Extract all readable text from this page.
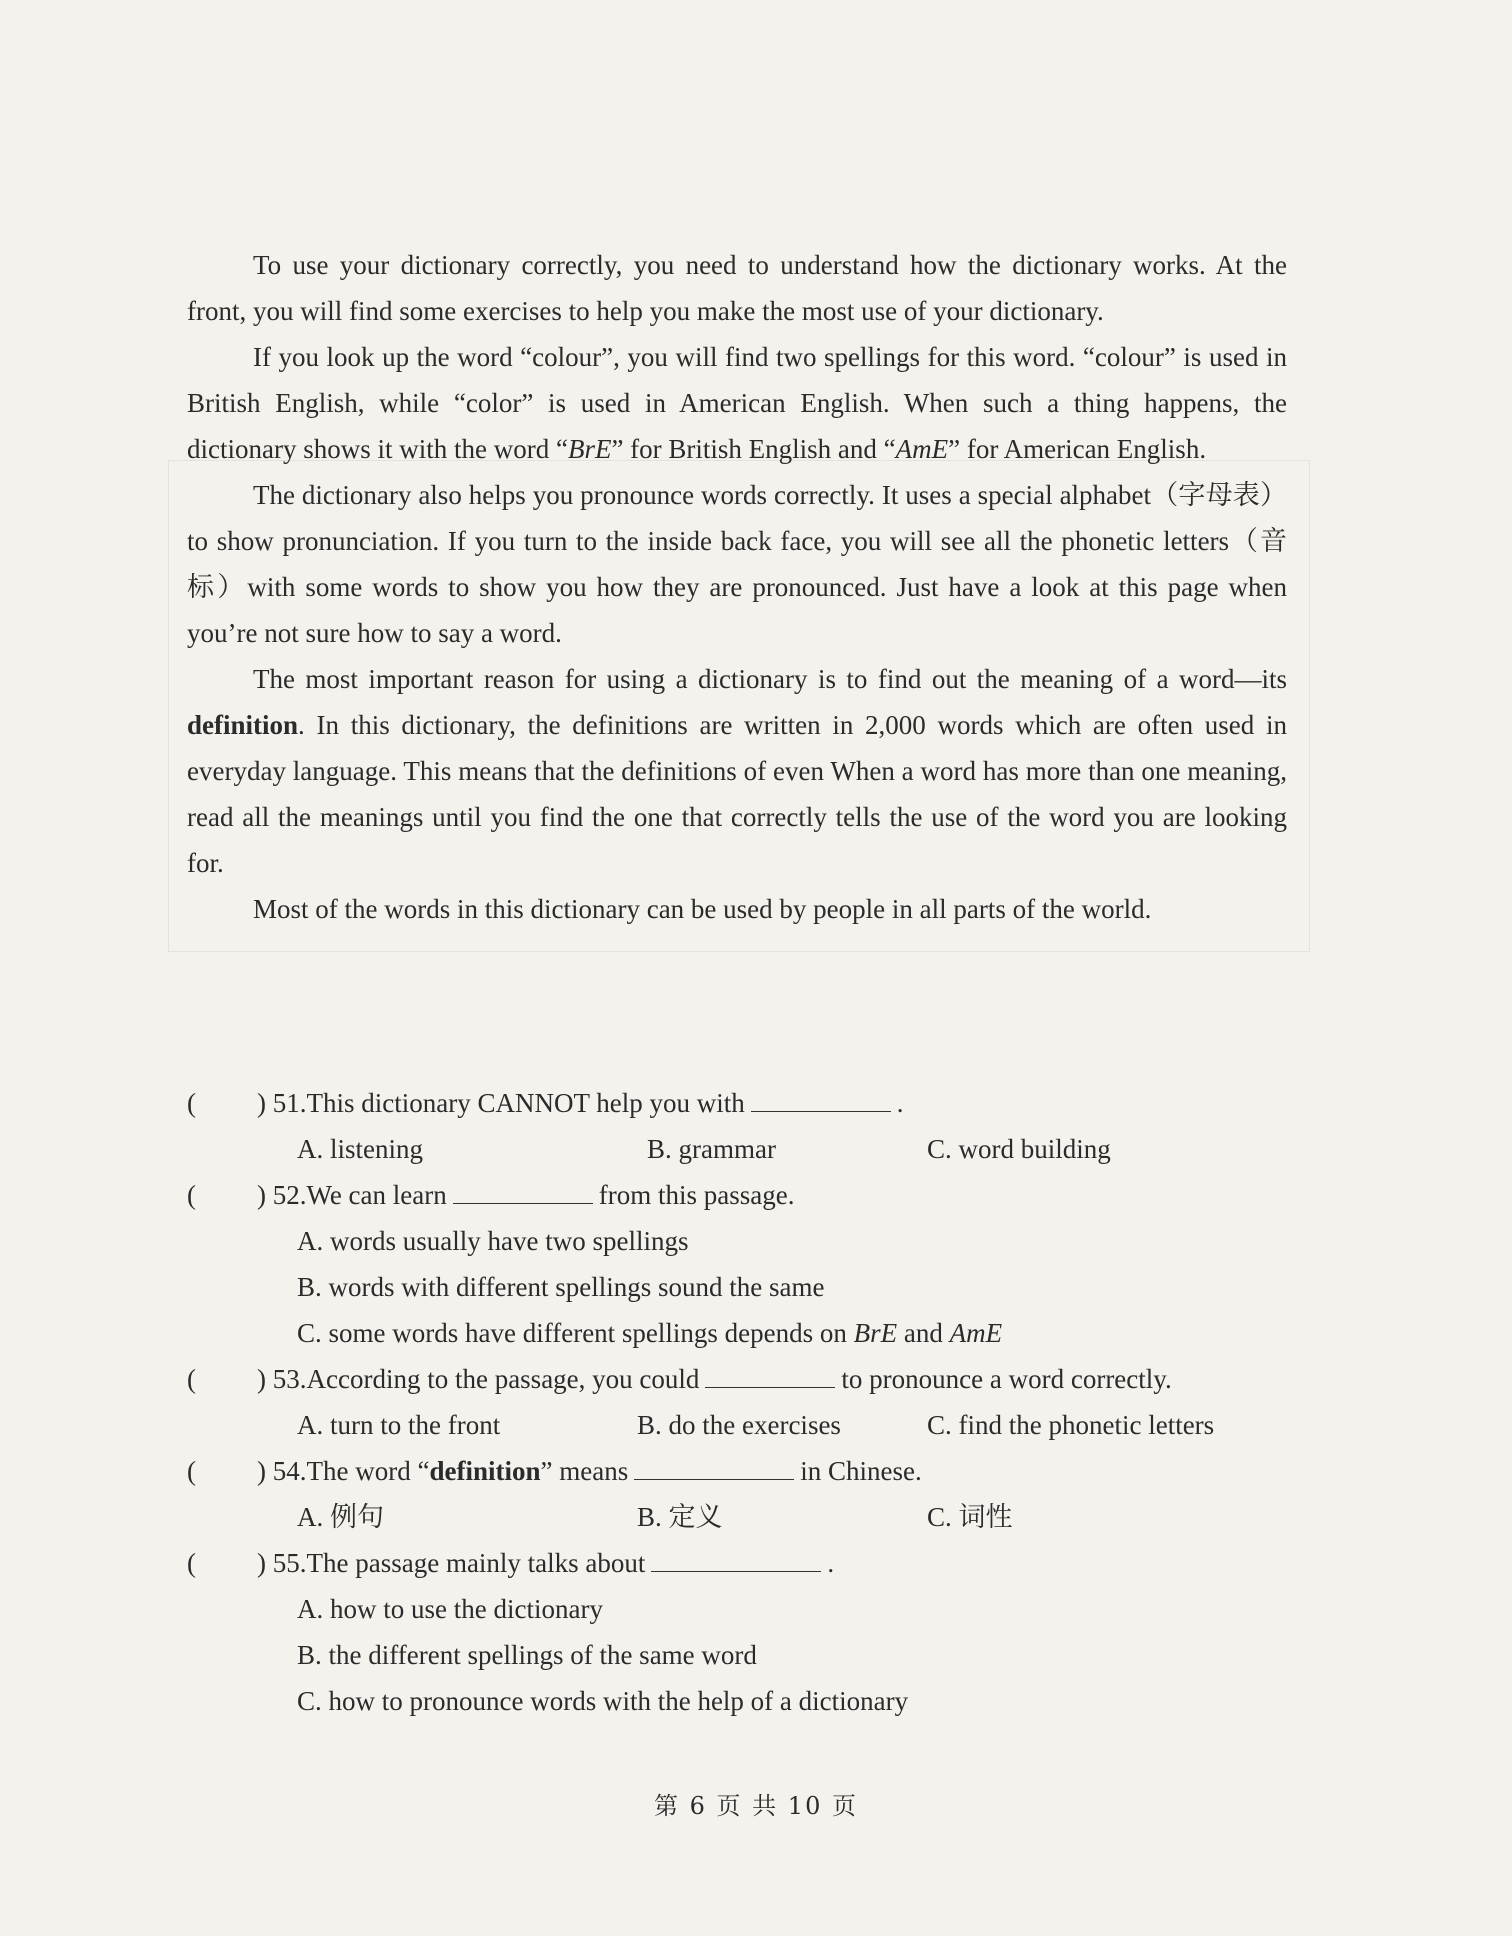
To use your dictionary correctly, you need to understand how the dictionary works. At the front, you will find some exercises to help you make the most use of your dictionary.

If you look up the word “colour”, you will find two spellings for this word. “colour” is used in British English, while “color” is used in American English. When such a thing happens, the dictionary shows it with the word “BrE” for British English and “AmE” for American English.

The dictionary also helps you pronounce words correctly. It uses a special alphabet（字母表）to show pronunciation. If you turn to the inside back face, you will see all the phonetic letters（音标）with some words to show you how they are pronounced. Just have a look at this page when you’re not sure how to say a word.

The most important reason for using a dictionary is to find out the meaning of a word—its definition. In this dictionary, the definitions are written in 2,000 words which are often used in everyday language. This means that the definitions of even When a word has more than one meaning, read all the meanings until you find the one that correctly tells the use of the word you are looking for.

Most of the words in this dictionary can be used by people in all parts of the world.

( ) 51.This dictionary CANNOT help you with	.
A. listening	B. grammar	C. word building
( ) 52.We can learn	from this passage.
A. words usually have two spellings
B. words with different spellings sound the same
C. some words have different spellings depends on BrE and AmE
( ) 53.According to the passage, you could	to pronounce a word correctly.
A. turn to the front	B. do the exercises	C. find the phonetic letters
( ) 54.The word “definition” means	in Chinese.
A. 例句	B. 定义	C. 词性
( ) 55.The passage mainly talks about	.
A. how to use the dictionary
B. the different spellings of the same word
C. how to pronounce words with the help of a dictionary
第 6 页 共 10 页
